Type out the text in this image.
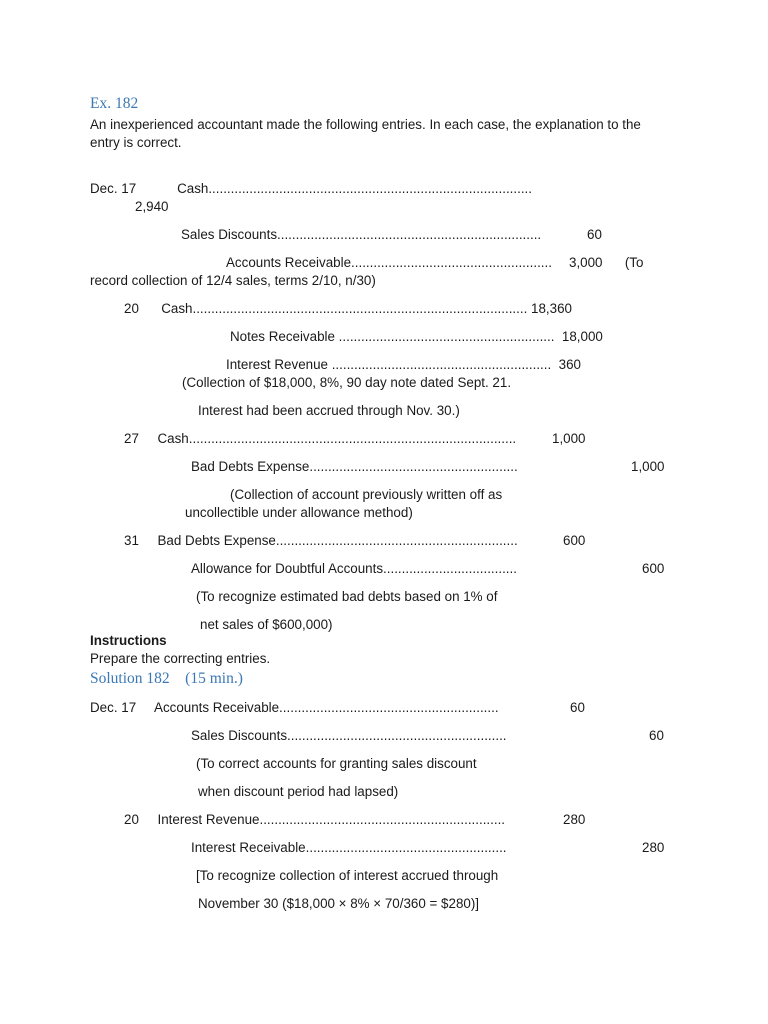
Ex. 182
An inexperienced accountant made the following entries. In each case, the explanation to the
entry is correct.
Dec. 17           Cash.......................................................................................
2,940
Sales Discounts.......................................................................	60
Accounts Receivable...................................................... 3,000      (To
record collection of 12/4 sales, terms 2/10, n/30)
20      Cash.......................................................................................... 18,360
Notes Receivable ..........................................................  18,000
Interest Revenue ...........................................................  360
(Collection of $18,000, 8%, 90 day note dated Sept. 21.
Interest had been accrued through Nov. 30.)
27     Cash........................................................................................	1,000
Bad Debts Expense........................................................	1,000
(Collection of account previously written off as
uncollectible under allowance method)
31     Bad Debts Expense.................................................................	600
Allowance for Doubtful Accounts....................................	600
(To recognize estimated bad debts based on 1% of
net sales of $600,000)
Instructions
Prepare the correcting entries.
Solution 182    (15 min.)
Dec. 17     Accounts Receivable...........................................................	60
Sales Discounts...........................................................	60
(To correct accounts for granting sales discount
when discount period had lapsed)
20     Interest Revenue..................................................................	280
Interest Receivable......................................................	280
[To recognize collection of interest accrued through
November 30 ($18,000 × 8% × 70/360 = $280)]
